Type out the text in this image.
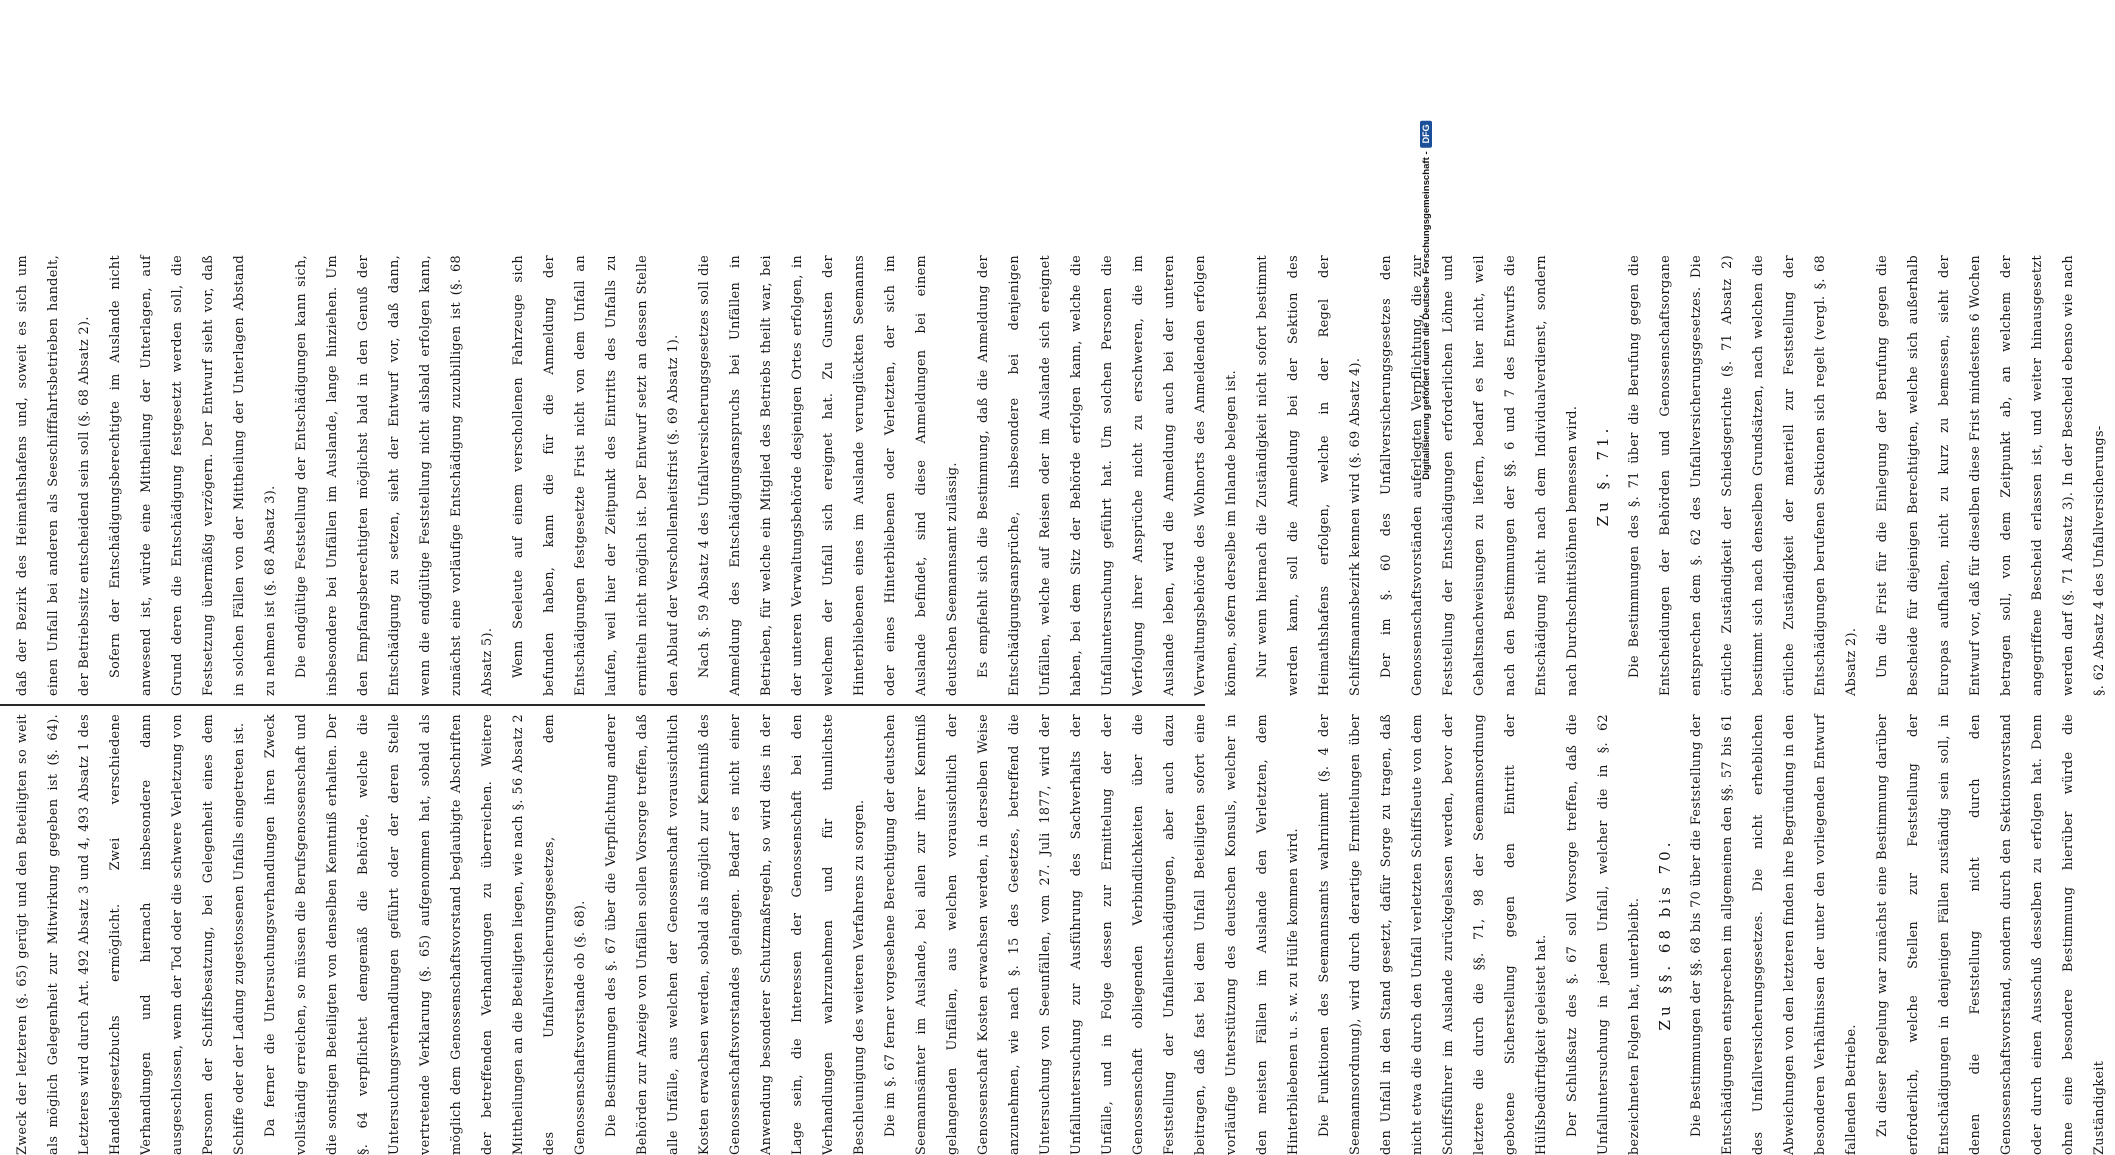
Zweck der letzteren (§. 65) gerügt und den Beteiligten so weit als möglich Gelegenheit zur Mitwirkung gegeben ist (§. 64). Letzteres wird durch Art. 492 Absatz 3 und 4, 493 Absatz 1 des Handelsgesetzbuchs ermöglicht. Zwei verschiedene Verhandlungen und hiernach insbesondere dann ausgeschlossen, wenn der Tod oder die schwere Verletzung von Personen der Schiffsbesatzung, bei Gelegenheit eines dem Schiffe oder der Ladung zugestossenen Unfalls eingetreten ist.	Da ferner die Untersuchungsverhandlungen ihren Zweck vollständig erreichen, so müssen die Berufsgenossenschaft und die sonstigen Beteiligten von denselben Kenntniß erhalten. Der §. 64 verpflichtet demgemäß die Behörde, welche die Untersuchungsverhandlungen geführt oder der deren Stelle vertretende Verklarung (§. 65) aufgenommen hat, sobald als möglich dem Genossenschaftsvorstand beglaubigte Abschriften der betreffenden Verhandlungen zu überreichen. Weitere Mittheilungen an die Beteiligten liegen, wie nach §. 56 Absatz 2 des Unfallversicherungsgesetzes, dem Genossenschaftsvorstande ob (§. 68).	Die Bestimmungen des §. 67 über die Verpflichtung anderer Behörden zur Anzeige von Unfällen sollen Vorsorge treffen, daß alle Unfälle, aus welchen der Genossenschaft voraussichtlich Kosten erwachsen werden, sobald als möglich zur Kenntniß des Genossenschaftsvorstandes gelangen. Bedarf es nicht einer Anwendung besonderer Schutzmaßregeln, so wird dies in der Lage sein, die Interessen der Genossenschaft bei den Verhandlungen wahrzunehmen und für thunlichste Beschleunigung des weiteren Verfahrens zu sorgen.	Die im §. 67 ferner vorgesehene Berechtigung der deutschen Seemannsämter im Auslande, bei allen zur ihrer Kenntniß gelangenden Unfällen, aus welchen voraussichtlich der Genossenschaft Kosten erwachsen werden, in derselben Weise anzunehmen, wie nach §. 15 des Gesetzes, betreffend die Untersuchung von Seeunfällen, vom 27. Juli 1877, wird der Unfalluntersuchung zur Ausführung des Sachverhalts der Unfälle, und in Folge dessen zur Ermittelung der der Genossenschaft obliegenden Verbindlichkeiten über die Feststellung der Unfallentschädigungen, aber auch dazu beitragen, daß fast bei dem Unfall Beteiligten sofort eine vorläufige Unterstützung des deutschen Konsuls, welcher in den meisten Fällen im Auslande den Verletzten, dem Hinterbliebenen u. s. w. zu Hülfe kommen wird.	Die Funktionen des Seemannsamts wahrnimmt (§. 4 der Seemannsordnung), wird durch derartige Ermittelungen über den Unfall in den Stand gesetzt, dafür Sorge zu tragen, daß nicht etwa die durch den Unfall verletzten Schiffsleute von dem Schiffsführer im Auslande zurückgelassen werden, bevor der letztere die durch die §§. 71, 98 der Seemannsordnung gebotene Sicherstellung gegen den Eintritt der Hülfsbedürftigkeit geleistet hat.	Der Schlußsatz des §. 67 soll Vorsorge treffen, daß die Unfalluntersuchung in jedem Unfall, welcher die in §. 62 bezeichneten Folgen hat, unterbleibt. Zu §§. 68 bis 70.	Die Bestimmungen der §§. 68 bis 70 über die Feststellung der Entschädigungen entsprechen im allgemeinen den §§. 57 bis 61 des Unfallversicherungsgesetzes. Die nicht erheblichen Abweichungen von den letzteren finden ihre Begründung in den besonderen Verhältnissen der unter den vorliegenden Entwurf fallenden Betriebe.	Zu dieser Regelung war zunächst eine Bestimmung darüber erforderlich, welche Stellen zur Feststellung der Entschädigungen in denjenigen Fällen zuständig sein soll, in denen die Feststellung nicht durch den Genossenschaftsvorstand, sondern durch den Sektionsvorstand oder durch einen Ausschuß desselben zu erfolgen hat. Denn ohne eine besondere Bestimmung hierüber würde die Zuständigkeit

daß der Bezirk des Heimathshafens und, soweit es sich um einen Unfall bei anderen als Seeschifffahrtsbetrieben handelt, der Betriebssitz entscheidend sein soll (§. 68 Absatz 2).	Sofern der Entschädigungsberechtigte im Auslande nicht anwesend ist, würde eine Mittheilung der Unterlagen, auf Grund deren die Entschädigung festgesetzt werden soll, die Festsetzung übermäßig verzögern. Der Entwurf sieht vor, daß in solchen Fällen von der Mittheilung der Unterlagen Abstand zu nehmen ist (§. 68 Absatz 3).	Die endgültige Feststellung der Entschädigungen kann sich, insbesondere bei Unfällen im Auslande, lange hinziehen. Um den Empfangsberechtigten möglichst bald in den Genuß der Entschädigung zu setzen, sieht der Entwurf vor, daß dann, wenn die endgültige Feststellung nicht alsbald erfolgen kann, zunächst eine vorläufige Entschädigung zuzubilligen ist (§. 68 Absatz 5).	Wenn Seeleute auf einem verschollenen Fahrzeuge sich befunden haben, kann die für die Anmeldung der Entschädigungen festgesetzte Frist nicht von dem Unfall an laufen, weil hier der Zeitpunkt des Eintritts des Unfalls zu ermitteln nicht möglich ist. Der Entwurf setzt an dessen Stelle den Ablauf der Verschollenheitsfrist (§. 69 Absatz 1).	Nach §. 59 Absatz 4 des Unfallversicherungsgesetzes soll die Anmeldung des Entschädigungsanspruchs bei Unfällen in Betrieben, für welche ein Mitglied des Betriebs theilt war, bei der unteren Verwaltungsbehörde desjenigen Ortes erfolgen, in welchem der Unfall sich ereignet hat. Zu Gunsten der Hinterbliebenen eines im Auslande verunglückten Seemanns oder eines Hinterbliebenen oder Verletzten, der sich im Auslande befindet, sind diese Anmeldungen bei einem deutschen Seemannsamt zulässig.	Es empfiehlt sich die Bestimmung, daß die Anmeldung der Entschädigungsansprüche, insbesondere bei denjenigen Unfällen, welche auf Reisen oder im Auslande sich ereignet haben, bei dem Sitz der Behörde erfolgen kann, welche die Unfalluntersuchung geführt hat. Um solchen Personen die Verfolgung ihrer Ansprüche nicht zu erschweren, die im Auslande leben, wird die Anmeldung auch bei der unteren Verwaltungsbehörde des Wohnorts des Anmeldenden erfolgen können, sofern derselbe im Inlande belegen ist.	Nur wenn hiernach die Zuständigkeit nicht sofort bestimmt werden kann, soll die Anmeldung bei der Sektion des Heimathshafens erfolgen, welche in der Regel der Schiffsmannsbezirk kennen wird (§. 69 Absatz 4).	Der im §. 60 des Unfallversicherungsgesetzes den Genossenschaftsvorständen auferlegten Verpflichtung, die zur Feststellung der Entschädigungen erforderlichen Löhne und Gehaltsnachweisungen zu liefern, bedarf es hier nicht, weil nach den Bestimmungen der §§. 6 und 7 des Entwurfs die Entschädigung nicht nach dem Individualverdienst, sondern nach Durchschnittslöhnen bemessen wird. Zu §. 71.	Die Bestimmungen des §. 71 über die Berufung gegen die Entscheidungen der Behörden und Genossenschaftsorgane entsprechen dem §. 62 des Unfallversicherungsgesetzes. Die örtliche Zuständigkeit der Schiedsgerichte (§. 71 Absatz 2) bestimmt sich nach denselben Grundsätzen, nach welchen die örtliche Zuständigkeit der materiell zur Feststellung der Entschädigungen berufenen Sektionen sich regelt (vergl. §. 68 Absatz 2).	Um die Frist für die Einlegung der Berufung gegen die Bescheide für diejenigen Berechtigten, welche sich außerhalb Europas aufhalten, nicht zu kurz zu bemessen, sieht der Entwurf vor, daß für dieselben diese Frist mindestens 6 Wochen betragen soll, von dem Zeitpunkt ab, an welchem der angegriffene Bescheid erlassen ist, und weiter hinausgesetzt werden darf (§. 71 Absatz 3). In der Bescheid ebenso wie nach §. 62 Absatz 4 des Unfallversicherungs-

Digitalisierung gefördert durch die Deutsche Forschungsgemeinschaft -
DFG
